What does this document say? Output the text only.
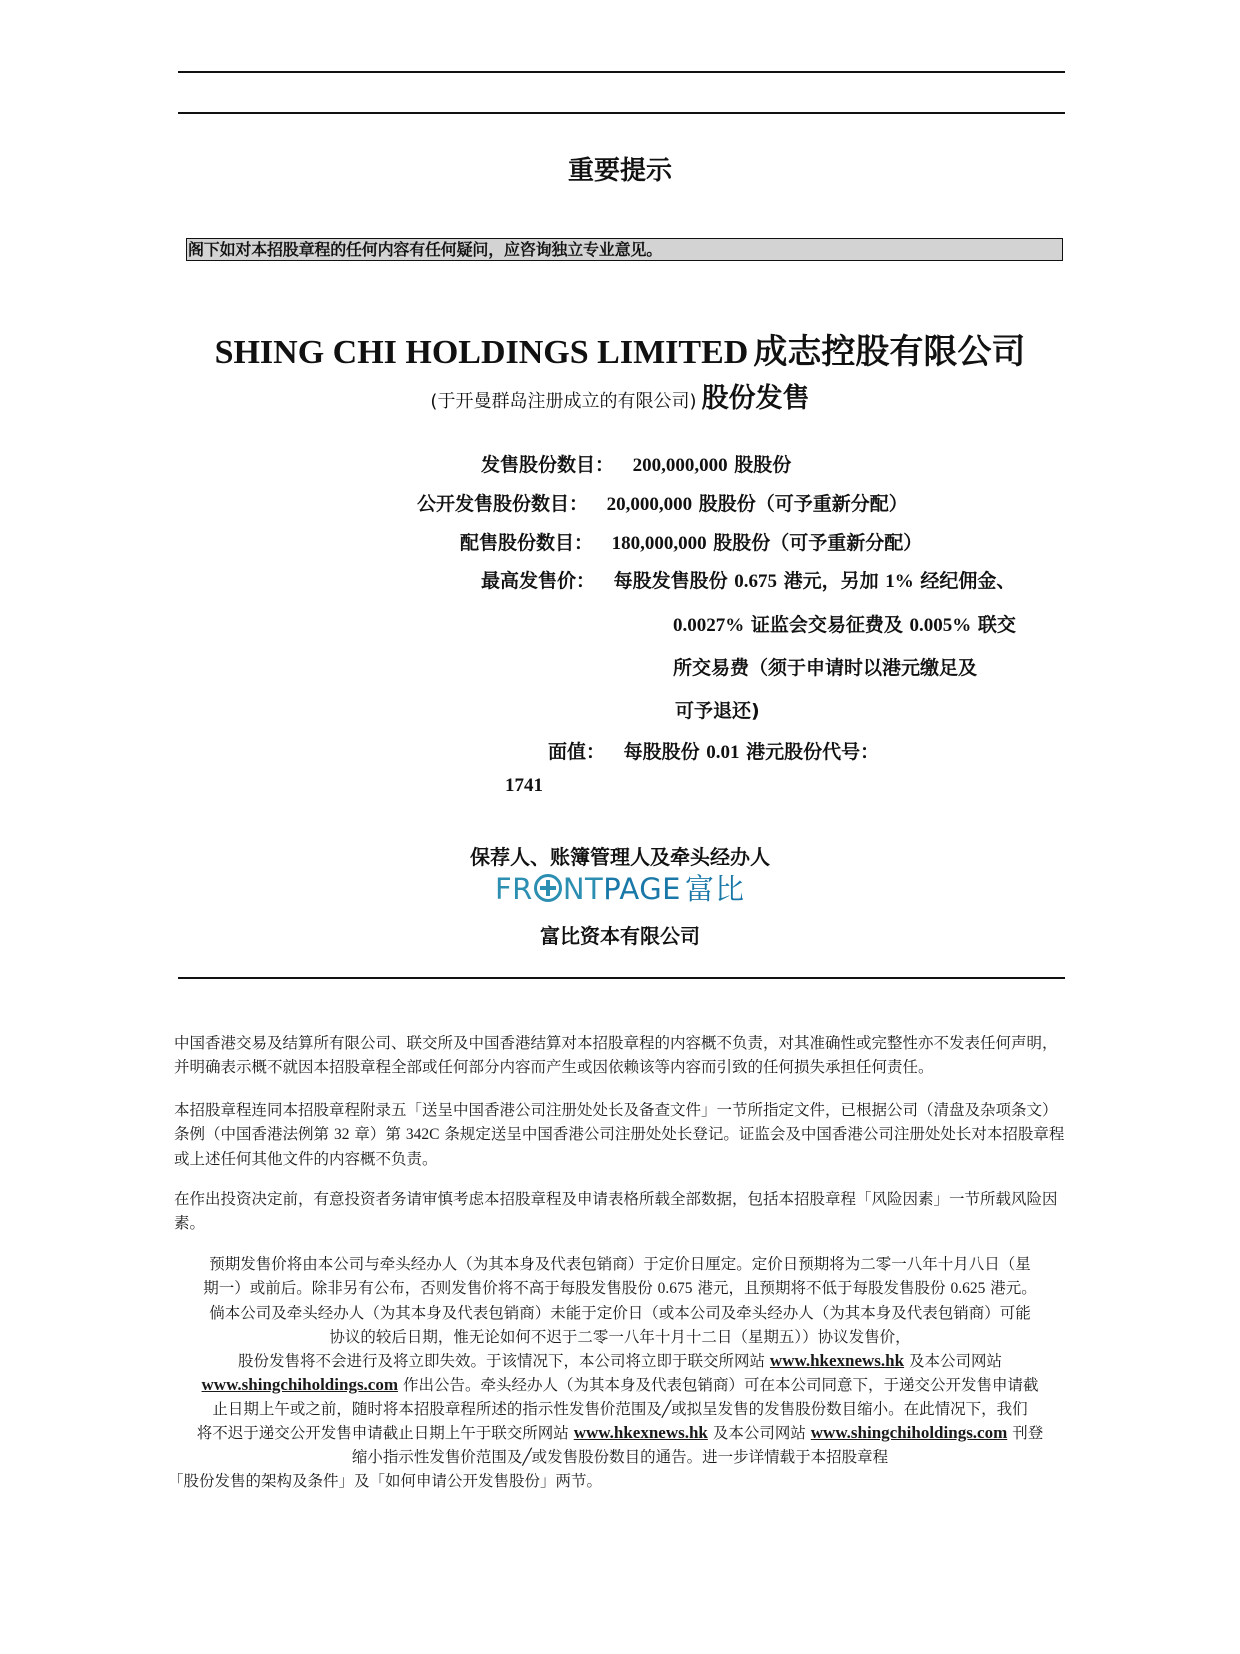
重要提示
阁下如对本招股章程的任何内容有任何疑问，应咨询独立专业意见。
SHING CHI HOLDINGS LIMITED 成志控股有限公司
(于开曼群岛注册成立的有限公司) 股份发售
发售股份数目： 200,000,000 股股份
公开发售股份数目： 20,000,000 股股份（可予重新分配）
配售股份数目： 180,000,000 股股份（可予重新分配）
最高发售价： 每股发售股份 0.675 港元，另加 1% 经纪佣金、
0.0027% 证监会交易征费及 0.005% 联交
所交易费（须于申请时以港元缴足及
可予退还)
面值： 每股股份 0.01 港元股份代号：
1741
保荐人、账簿管理人及牵头经办人
FR NTPAGE 富比
富比资本有限公司
中国香港交易及结算所有限公司、联交所及中国香港结算对本招股章程的内容概不负责，对其准确性或完整性亦不发表任何声明，并明确表示概不就因本招股章程全部或任何部分内容而产生或因依赖该等内容而引致的任何损失承担任何责任。
本招股章程连同本招股章程附录五「送呈中国香港公司注册处处长及备查文件」一节所指定文件，已根据公司（清盘及杂项条文）条例（中国香港法例第 32 章）第 342C 条规定送呈中国香港公司注册处处长登记。证监会及中国香港公司注册处处长对本招股章程或上述任何其他文件的内容概不负责。
在作出投资决定前，有意投资者务请审慎考虑本招股章程及申请表格所载全部数据，包括本招股章程「风险因素」一节所载风险因素。
预期发售价将由本公司与牵头经办人（为其本身及代表包销商）于定价日厘定。定价日预期将为二零一八年十月八日（星
期一）或前后。除非另有公布，否则发售价将不高于每股发售股份 0.675 港元，且预期将不低于每股发售股份 0.625 港元。
倘本公司及牵头经办人（为其本身及代表包销商）未能于定价日（或本公司及牵头经办人（为其本身及代表包销商）可能
协议的较后日期，惟无论如何不迟于二零一八年十月十二日（星期五））协议发售价，
股份发售将不会进行及将立即失效。于该情况下，本公司将立即于联交所网站 www.hkexnews.hk 及本公司网站
www.shingchiholdings.com 作出公告。牵头经办人（为其本身及代表包销商）可在本公司同意下，于递交公开发售申请截
止日期上午或之前，随时将本招股章程所述的指示性发售价范围及╱或拟呈发售的发售股份数目缩小。在此情况下，我们
将不迟于递交公开发售申请截止日期上午于联交所网站 www.hkexnews.hk 及本公司网站 www.shingchiholdings.com 刊登
缩小指示性发售价范围及╱或发售股份数目的通告。进一步详情载于本招股章程
「股份发售的架构及条件」及「如何申请公开发售股份」两节。
